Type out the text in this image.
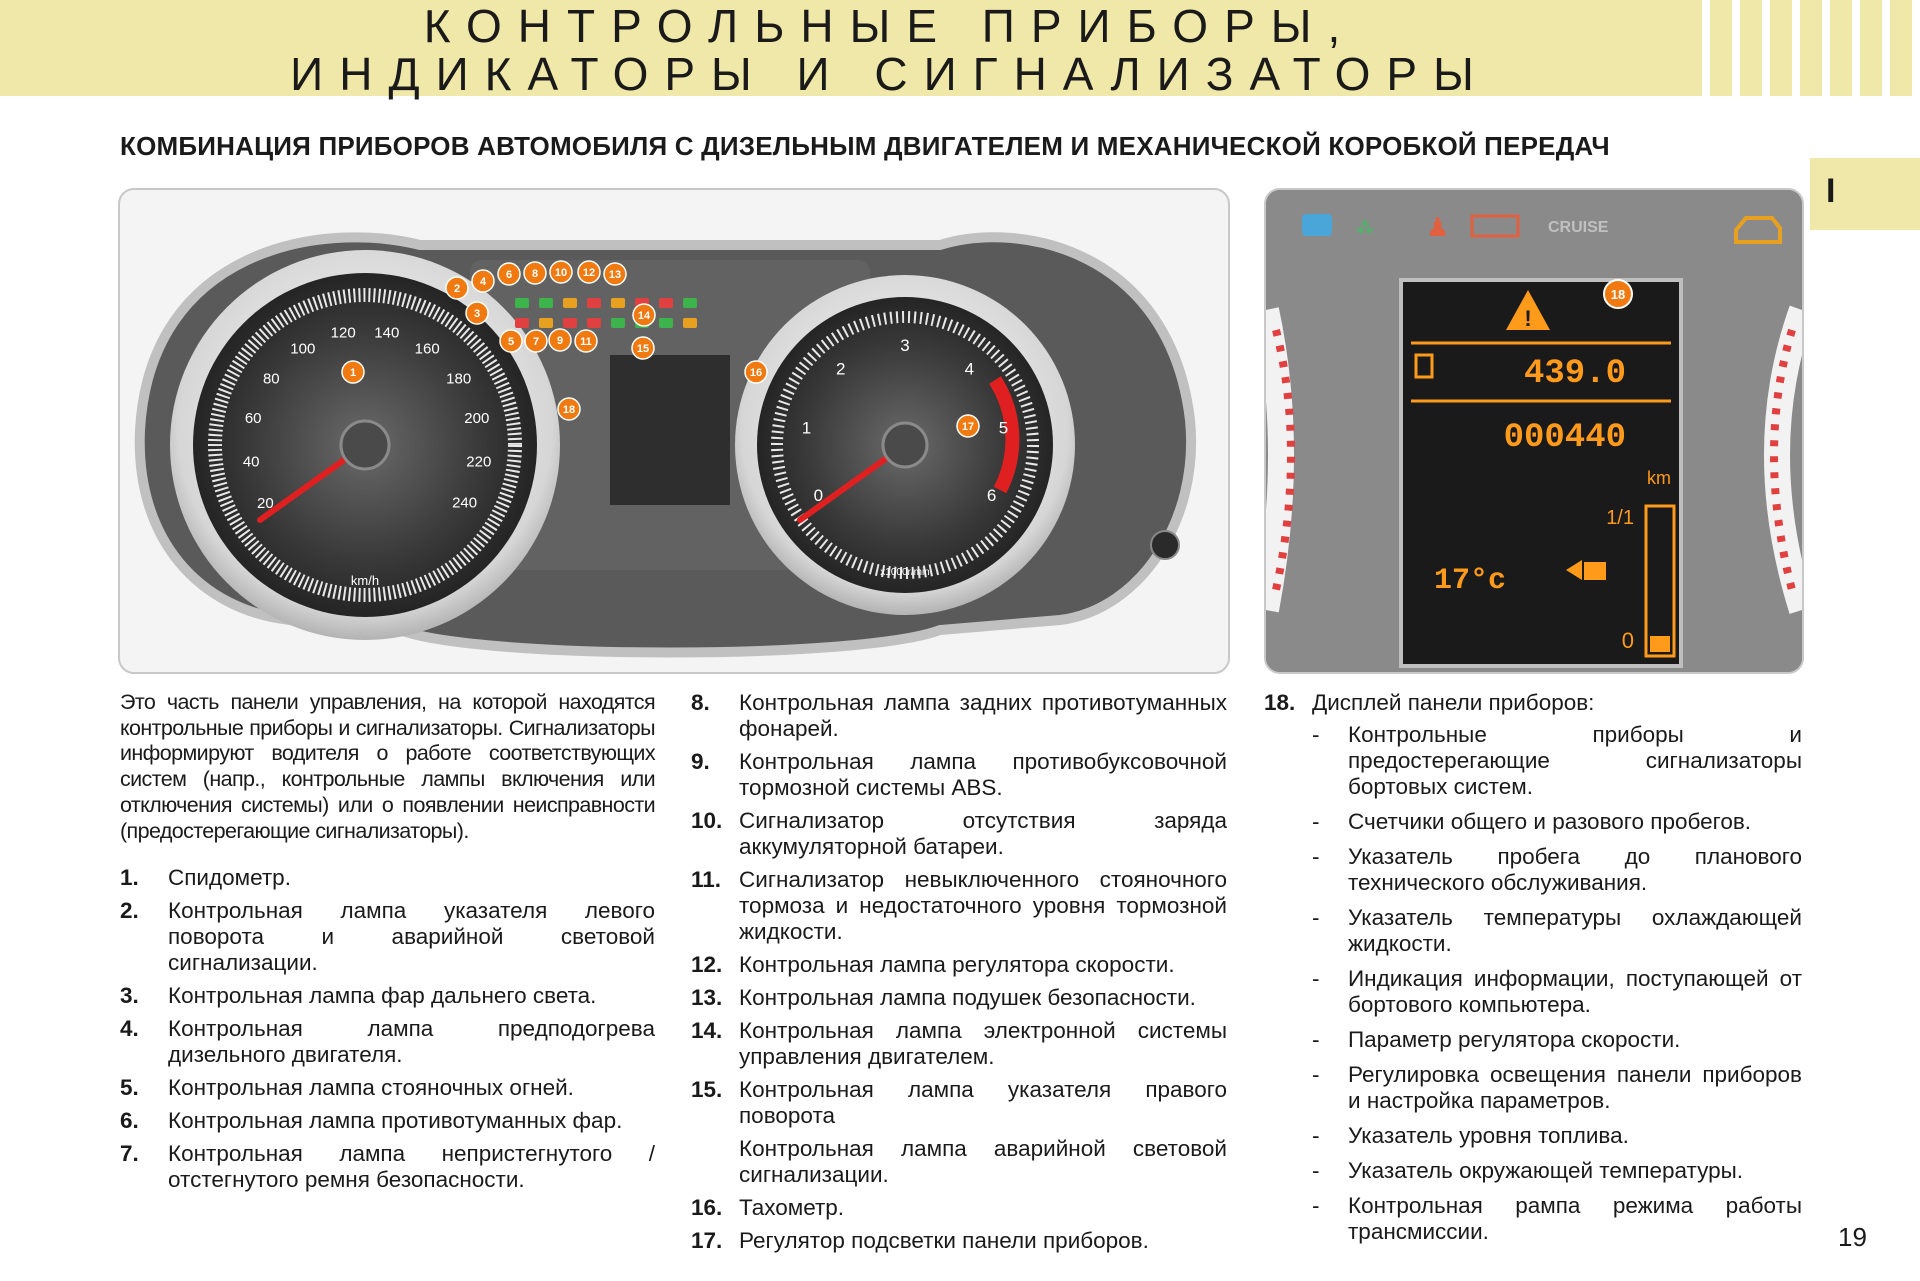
КОНТРОЛЬНЫЕ ПРИБОРЫ,
ИНДИКАТОРЫ И СИГНАЛИЗАТОРЫ
I
КОМБИНАЦИЯ ПРИБОРОВ АВТОМОБИЛЯ С ДИЗЕЛЬНЫМ ДВИГАТЕЛЕМ И МЕХАНИЧЕСКОЙ КОРОБКОЙ ПЕРЕДАЧ
km/h
x1000r/min
20
40
60
80
100
120 140
160
180
200
220
240	0
1
2
3
4
5
6
1
2
3
4
5
6
7
8
9
10
11
12 13
14
15
16
17
18
⁂ ♟	CRUISE
!
439.0
000440
km
1/1
17°c
0
18

Это часть панели управления, на которой находятся контрольные приборы и сигнализаторы. Сигнализаторы информируют водителя о работе соответствующих систем (напр., контрольные лампы включения или отключения системы) или о появлении неисправности (предостерегающие сигнализаторы).

1. Спидометр.
2. Контрольная лампа указателя левого поворота и аварийной световой сигнализации.
3. Контрольная лампа фар дальнего света.
4. Контрольная лампа предподогрева дизельного двигателя.
5. Контрольная лампа стояночных огней.
6. Контрольная лампа противотуманных фар.
7. Контрольная лампа непристегнутого / отстегнутого ремня безопасности.
8. Контрольная лампа задних противотуманных фонарей.
9. Контрольная лампа противобуксовочной тормозной системы ABS.
10. Сигнализатор отсутствия заряда аккумуляторной батареи.
11. Сигнализатор невыключенного стояночного тормоза и недостаточного уровня тормозной жидкости.
12. Контрольная лампа регулятора скорости.
13. Контрольная лампа подушек безопасности.
14. Контрольная лампа электронной системы управления двигателем.
15. Контрольная лампа указателя правого поворота
Контрольная лампа аварийной световой сигнализации.
16. Тахометр.
17. Регулятор подсветки панели приборов.
18. Дисплей панели приборов:
- Контрольные приборы и предостерегающие сигнализаторы бортовых систем.
- Счетчики общего и разового пробегов.
- Указатель пробега до планового технического обслуживания.
- Указатель температуры охлаждающей жидкости.
- Индикация информации, поступающей от бортового компьютера.
- Параметр регулятора скорости.
- Регулировка освещения панели приборов и настройка параметров.
- Указатель уровня топлива.
- Указатель окружающей температуры.
- Контрольная рампа режима работы трансмиссии.	19
